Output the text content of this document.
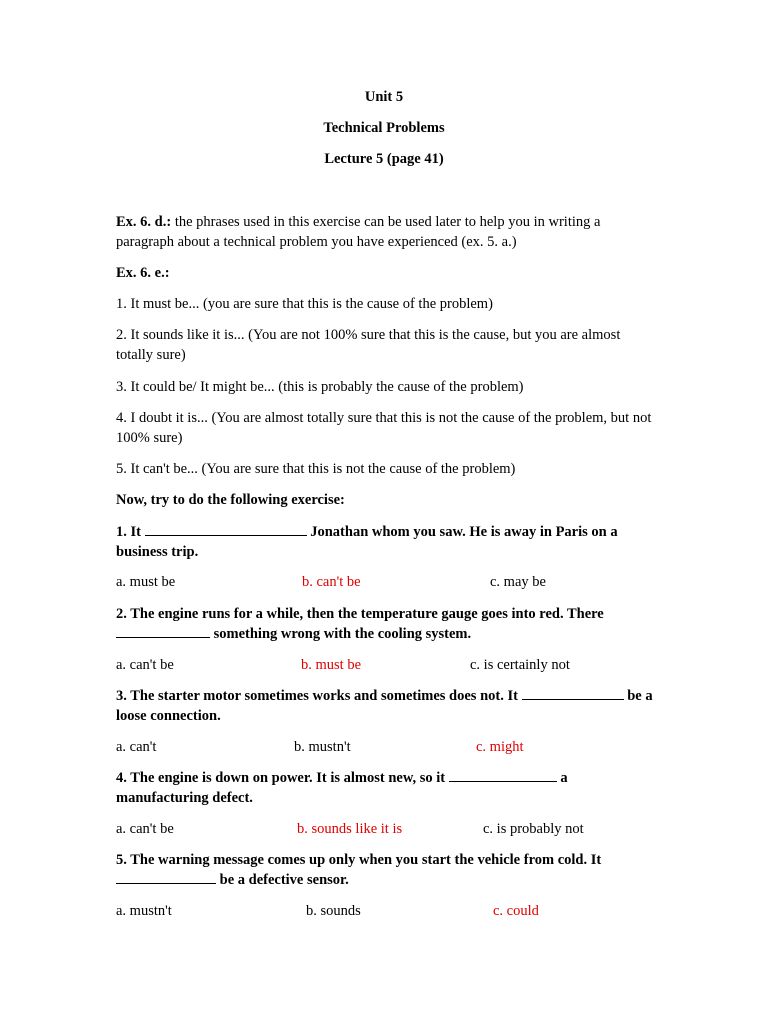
Unit 5
Technical Problems
Lecture 5 (page 41)

Ex. 6. d.: the phrases used in this exercise can be used later to help you in writing a paragraph about a technical problem you have experienced (ex. 5. a.)

Ex. 6. e.:

1. It must be... (you are sure that this is the cause of the problem)

2. It sounds like it is... (You are not 100% sure that this is the cause, but you are almost totally sure)

3. It could be/ It might be... (this is probably the cause of the problem)

4. I doubt it is... (You are almost totally sure that this is not the cause of the problem, but not 100% sure)

5. It can't be... (You are sure that this is not the cause of the problem)

Now, try to do the following exercise:

1. It	Jonathan whom you saw. He is away in Paris on a business trip.

a. must be	b. can't be	c. may be

2. The engine runs for a while, then the temperature gauge goes into red. There  something wrong with the cooling system.

a. can't be	b. must be	c. is certainly not

3. The starter motor sometimes works and sometimes does not. It	be a loose connection.

a. can't	b. mustn't	c. might

4. The engine is down on power. It is almost new, so it	a manufacturing defect.

a. can't be	b. sounds like it is	c. is probably not

5. The warning message comes up only when you start the vehicle from cold. It  be a defective sensor.

a. mustn't	b. sounds	c. could
